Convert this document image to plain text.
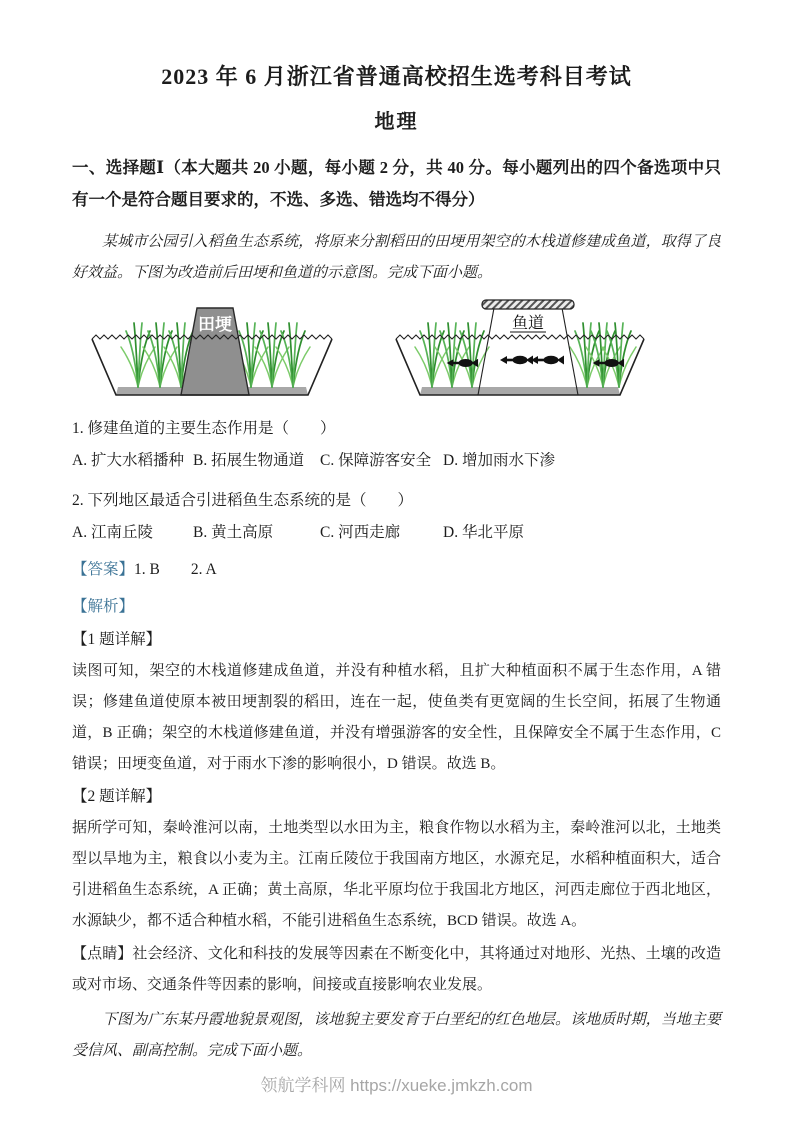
2023 年 6 月浙江省普通高校招生选考科目考试
地理

一、选择题Ⅰ（本大题共 20 小题，每小题 2 分，共 40 分。每小题列出的四个备选项中只有一个是符合题目要求的，不选、多选、错选均不得分）

某城市公园引入稻鱼生态系统，将原来分割稻田的田埂用架空的木栈道修建成鱼道，取得了良好效益。下图为改造前后田埂和鱼道的示意图。完成下面小题。

田埂	鱼道

1. 修建鱼道的主要生态作用是（　　）

A. 扩大水稻播种 B. 拓展生物通道	C. 保障游客安全 D. 增加雨水下渗

2. 下列地区最适合引进稻鱼生态系统的是（　　）

A. 江南丘陵	B. 黄土高原	C. 河西走廊	D. 华北平原

【答案】1. B　　2. A

【解析】

【1 题详解】

读图可知，架空的木栈道修建成鱼道，并没有种植水稻，且扩大种植面积不属于生态作用，A 错误；修建鱼道使原本被田埂割裂的稻田，连在一起，使鱼类有更宽阔的生长空间，拓展了生物通道，B 正确；架空的木栈道修建鱼道，并没有增强游客的安全性，且保障安全不属于生态作用，C 错误；田埂变鱼道，对于雨水下渗的影响很小，D 错误。故选 B。

【2 题详解】

据所学可知，秦岭淮河以南，土地类型以水田为主，粮食作物以水稻为主，秦岭淮河以北，土地类型以旱地为主，粮食以小麦为主。江南丘陵位于我国南方地区，水源充足，水稻种植面积大，适合引进稻鱼生态系统，A 正确；黄土高原，华北平原均位于我国北方地区，河西走廊位于西北地区，水源缺少，都不适合种植水稻，不能引进稻鱼生态系统，BCD 错误。故选 A。

【点睛】社会经济、文化和科技的发展等因素在不断变化中，其将通过对地形、光热、土壤的改造或对市场、交通条件等因素的影响，间接或直接影响农业发展。

下图为广东某丹霞地貌景观图，该地貌主要发育于白垩纪的红色地层。该地质时期，当地主要受信风、副高控制。完成下面小题。

领航学科网 https://xueke.jmkzh.com
